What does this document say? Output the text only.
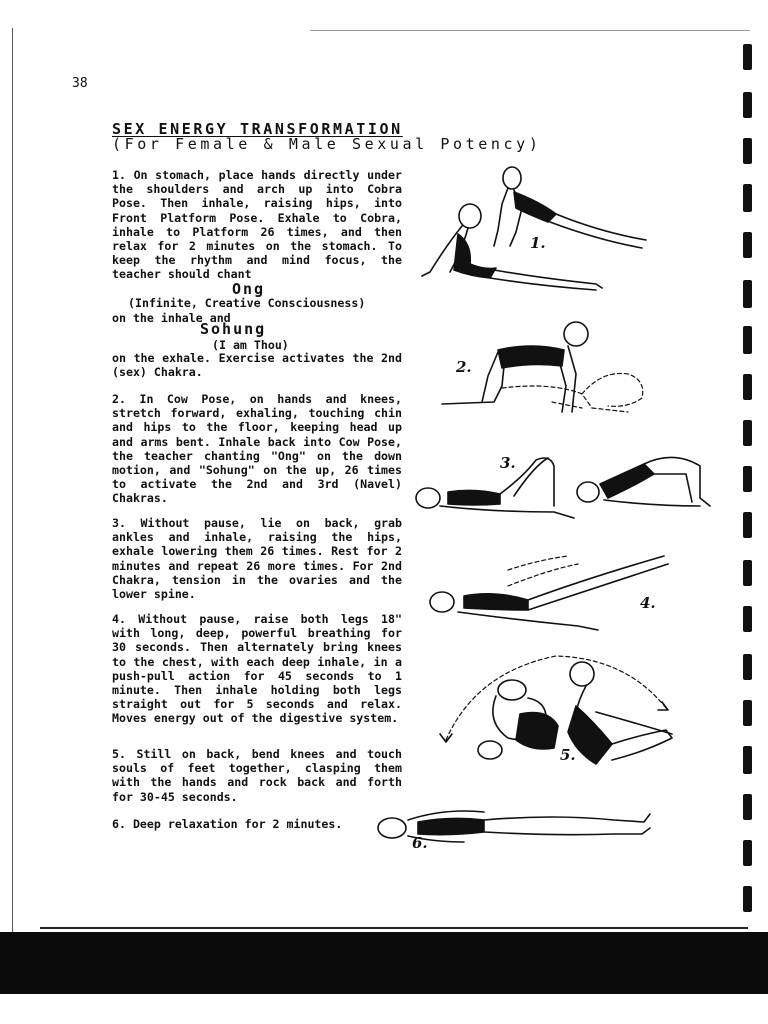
38
SEX ENERGY TRANSFORMATION
(For Female & Male Sexual Potency)

1. On stomach, place hands directly under the shoulders and arch up into Cobra Pose. Then inhale, raising hips, into Front Platform Pose. Exhale to Cobra, inhale to Platform 26 times, and then relax for 2 minutes on the stomach. To keep the rhythm and mind focus, the teacher should chant

Ong
(Infinite, Creative Consciousness)
on the inhale and
Sohung
(I am Thou)

on the exhale. Exercise activates the 2nd (sex) Chakra.

2. In Cow Pose, on hands and knees, stretch forward, exhaling, touching chin and hips to the floor, keeping head up and arms bent. Inhale back into Cow Pose, the teacher chanting "Ong" on the down motion, and "Sohung" on the up, 26 times to activate the 2nd and 3rd (Navel) Chakras.

3. Without pause, lie on back, grab ankles and inhale, raising the hips, exhale lowering them 26 times. Rest for 2 minutes and repeat 26 more times. For 2nd Chakra, tension in the ovaries and the lower spine.

4. Without pause, raise both legs 18" with long, deep, powerful breathing for 30 seconds. Then alternately bring knees to the chest, with each deep inhale, in a push-pull action for 45 seconds to 1 minute. Then inhale holding both legs straight out for 5 seconds and relax. Moves energy out of the digestive system.

5. Still on back, bend knees and touch souls of feet together, clasping them with the hands and rock back and forth for 30-45 seconds.

6. Deep relaxation for 2 minutes.

1.
2.
3.
4.
5.
6.
